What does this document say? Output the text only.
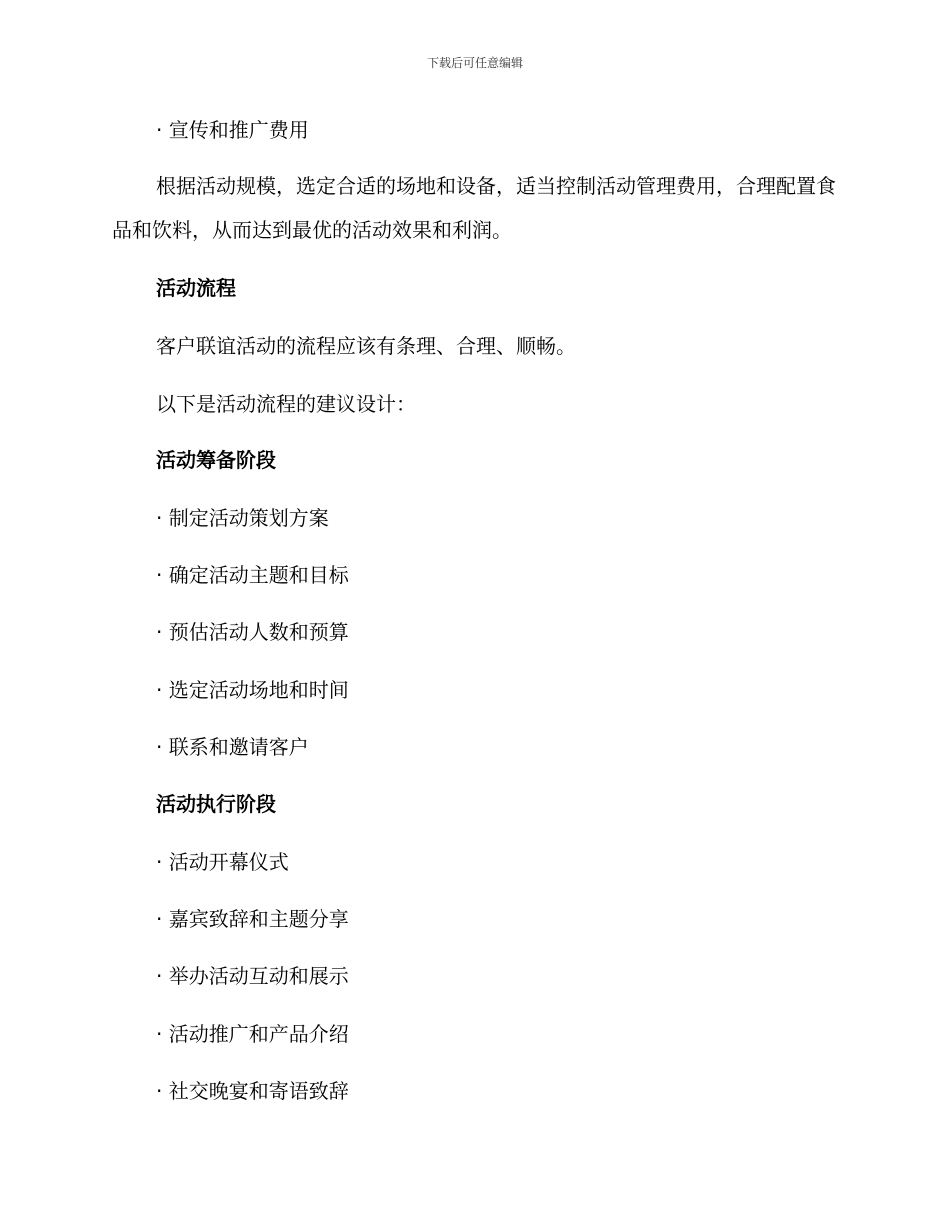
下载后可任意编辑
· 宣传和推广费用
根据活动规模，选定合适的场地和设备，适当控制活动管理费用，合理配置食品和饮料，从而达到最优的活动效果和利润。
活动流程
客户联谊活动的流程应该有条理、合理、顺畅。
以下是活动流程的建议设计：
活动筹备阶段
· 制定活动策划方案
· 确定活动主题和目标
· 预估活动人数和预算
· 选定活动场地和时间
· 联系和邀请客户
活动执行阶段
· 活动开幕仪式
· 嘉宾致辞和主题分享
· 举办活动互动和展示
· 活动推广和产品介绍
· 社交晚宴和寄语致辞
